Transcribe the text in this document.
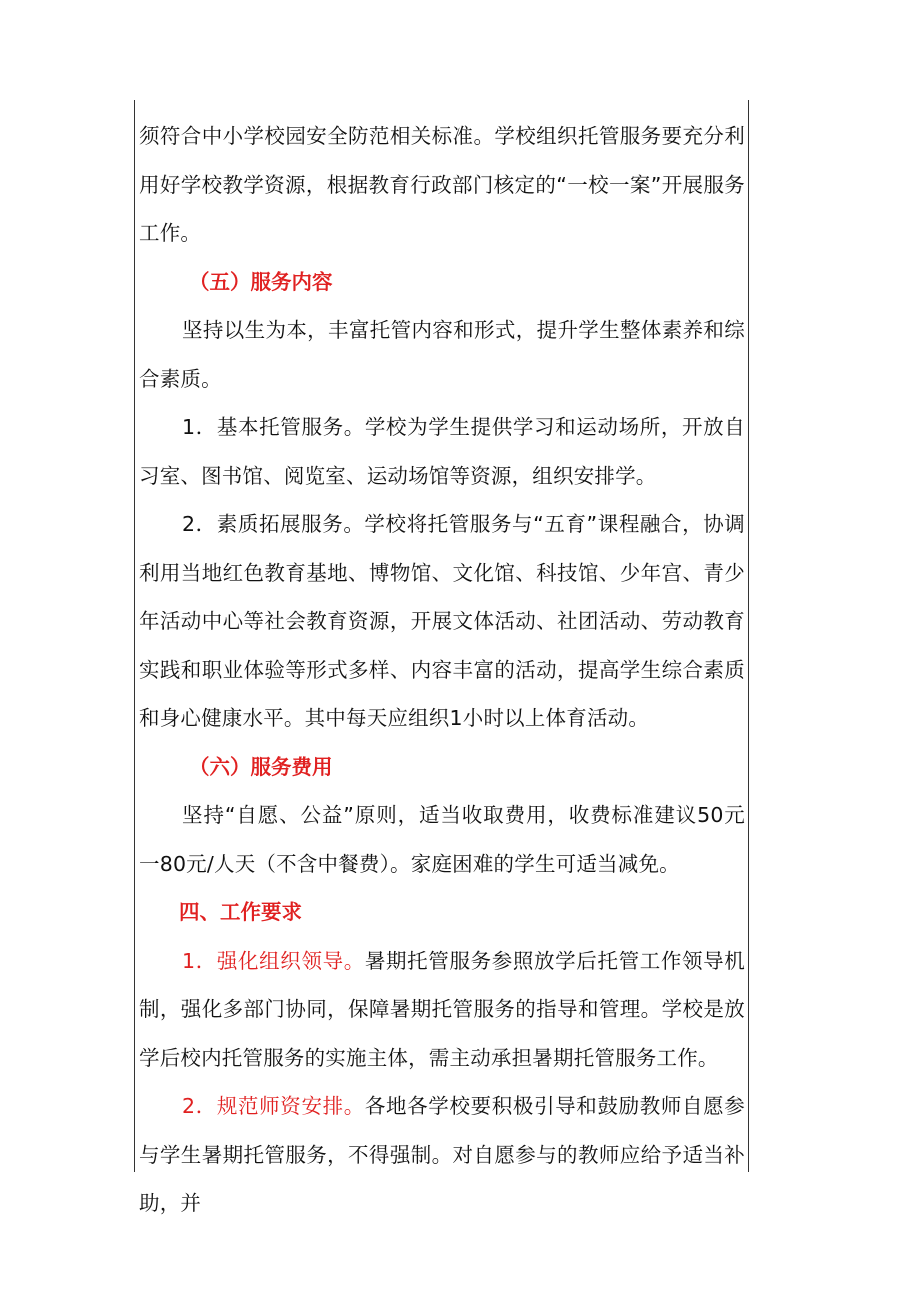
须符合中小学校园安全防范相关标准。学校组织托管服务要充分利用好学校教学资源，根据教育行政部门核定的“一校一案”开展服务工作。

（五）服务内容

坚持以生为本，丰富托管内容和形式，提升学生整体素养和综合素质。

1．基本托管服务。学校为学生提供学习和运动场所，开放自习室、图书馆、阅览室、运动场馆等资源，组织安排学。

2．素质拓展服务。学校将托管服务与“五育”课程融合，协调利用当地红色教育基地、博物馆、文化馆、科技馆、少年宫、青少年活动中心等社会教育资源，开展文体活动、社团活动、劳动教育实践和职业体验等形式多样、内容丰富的活动，提高学生综合素质和身心健康水平。其中每天应组织1小时以上体育活动。

（六）服务费用

坚持“自愿、公益”原则，适当收取费用，收费标准建议50元一80元/人天（不含中餐费）。家庭困难的学生可适当减免。

四、工作要求

1．强化组织领导。暑期托管服务参照放学后托管工作领导机制，强化多部门协同，保障暑期托管服务的指导和管理。学校是放学后校内托管服务的实施主体，需主动承担暑期托管服务工作。

2．规范师资安排。各地各学校要积极引导和鼓励教师自愿参与学生暑期托管服务，不得强制。对自愿参与的教师应给予适当补助，并
